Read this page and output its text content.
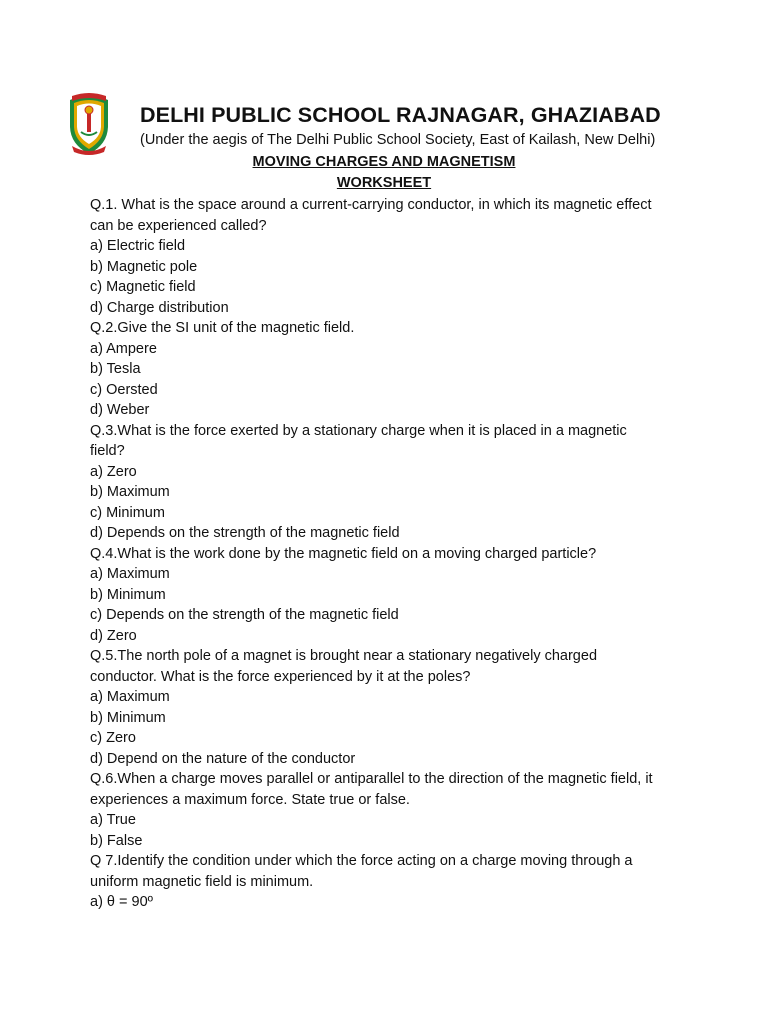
DELHI PUBLIC SCHOOL RAJNAGAR, GHAZIABAD
(Under the aegis of The Delhi Public School Society, East of Kailash, New Delhi)
MOVING CHARGES AND MAGNETISM
WORKSHEET
Q.1. What is the space around a current-carrying conductor, in which its magnetic effect
can be experienced called?
a) Electric field
b) Magnetic pole
c) Magnetic field
d) Charge distribution
Q.2.Give the SI unit of the magnetic field.
a) Ampere
b) Tesla
c) Oersted
d) Weber
Q.3.What is the force exerted by a stationary charge when it is placed in a magnetic
field?
a) Zero
b) Maximum
c) Minimum
d) Depends on the strength of the magnetic field
Q.4.What is the work done by the magnetic field on a moving charged particle?
a) Maximum
b) Minimum
c) Depends on the strength of the magnetic field
d) Zero
Q.5.The north pole of a magnet is brought near a stationary negatively charged
conductor. What is the force experienced by it at the poles?
a) Maximum
b) Minimum
c) Zero
d) Depend on the nature of the conductor
Q.6.When a charge moves parallel or antiparallel to the direction of the magnetic field, it
experiences a maximum force. State true or false.
a) True
b) False
Q 7.Identify the condition under which the force acting on a charge moving through a
uniform magnetic field is minimum.
a) θ = 90º
